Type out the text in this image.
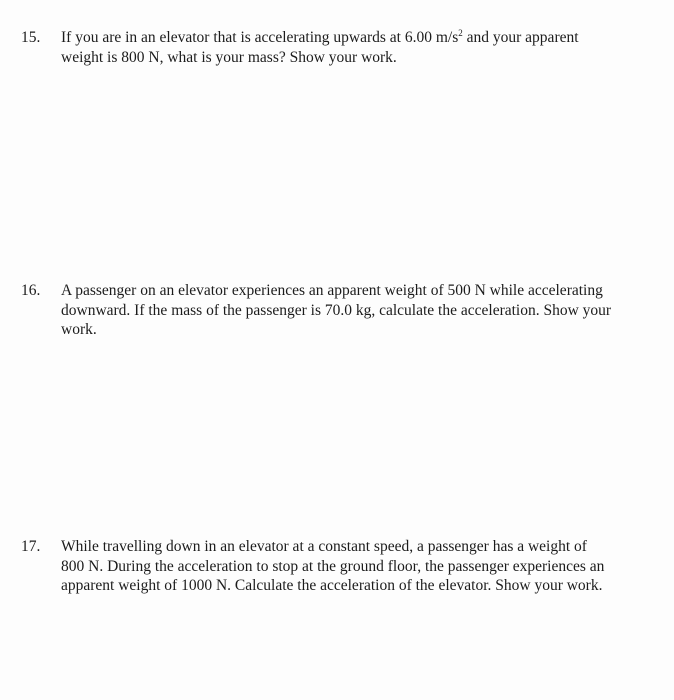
15. If you are in an elevator that is accelerating upwards at 6.00 $m/s^2$ and your apparent
weight is 800 N, what is your mass? Show your work.
16. A passenger on an elevator experiences an apparent weight of 500 N while accelerating
downward. If the mass of the passenger is 70.0 kg, calculate the acceleration. Show your
work.
17. While travelling down in an elevator at a constant speed, a passenger has a weight of
800 N. During the acceleration to stop at the ground floor, the passenger experiences an
apparent weight of 1000 N. Calculate the acceleration of the elevator. Show your work.
